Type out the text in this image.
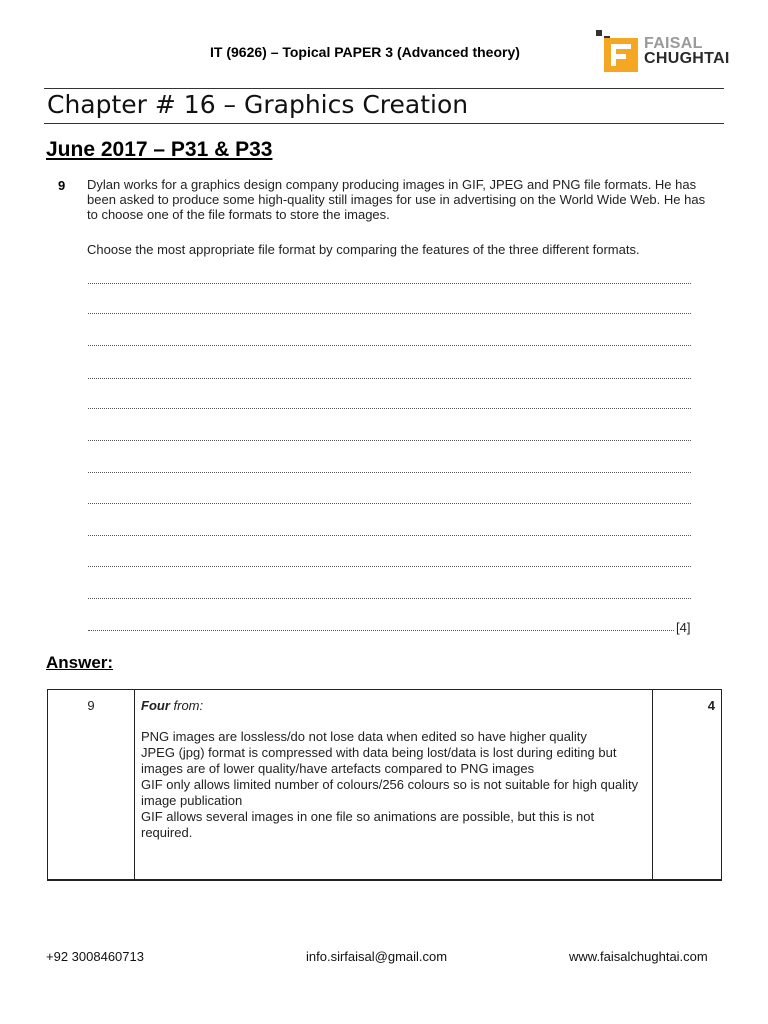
IT (9626) – Topical PAPER 3 (Advanced theory)	FAISAL
CHUGHTAI
Chapter # 16 – Graphics Creation
June 2017 – P31 & P33
9 Dylan works for a graphics design company producing images in GIF, JPEG and PNG file formats. He has been asked to produce some high-quality still images for use in advertising on the World Wide Web. He has to choose one of the file formats to store the images.
Choose the most appropriate file format by comparing the features of the three different formats.
[4]
Answer:
9	Four from:
PNG images are lossless/do not lose data when edited so have higher quality
JPEG (jpg) format is compressed with data being lost/data is lost during editing but images are of lower quality/have artefacts compared to PNG images
GIF only allows limited number of colours/256 colours so is not suitable for high quality image publication
GIF allows several images in one file so animations are possible, but this is not required.
	4
+92 3008460713	info.sirfaisal@gmail.com	www.faisalchughtai.com
